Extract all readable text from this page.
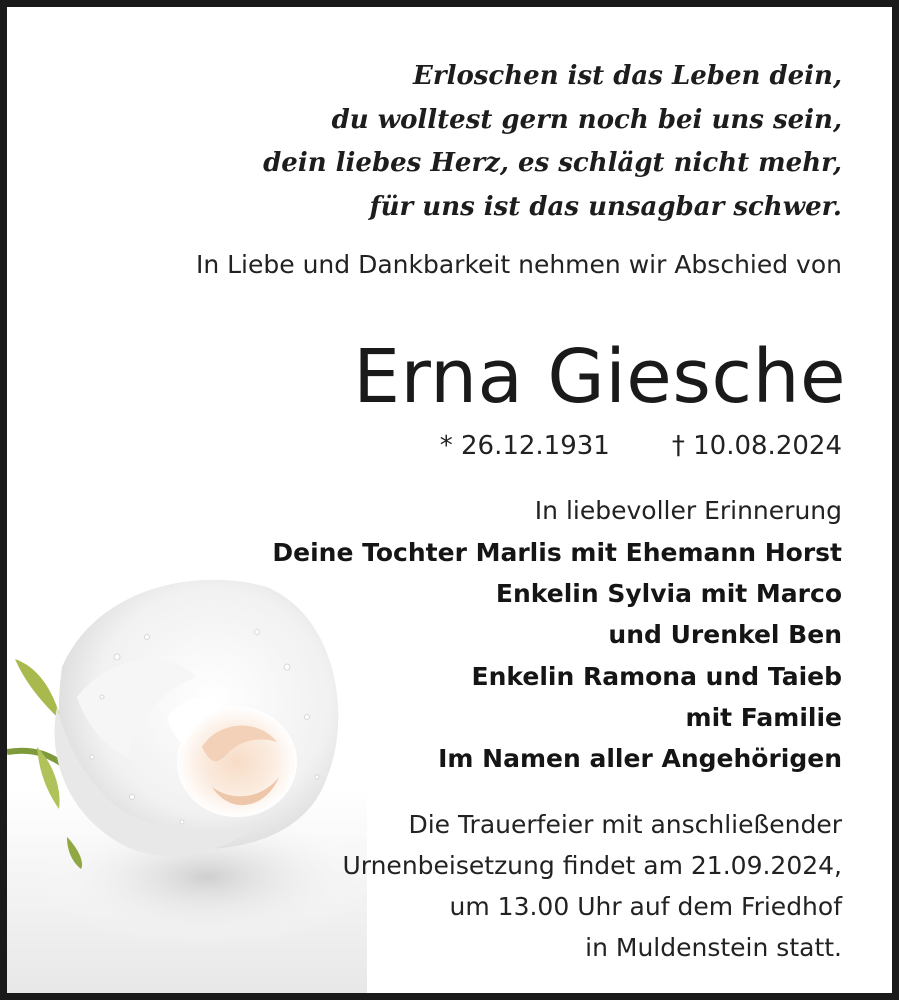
Erloschen ist das Leben dein,
du wolltest gern noch bei uns sein,
dein liebes Herz, es schlägt nicht mehr,
für uns ist das unsagbar schwer.
In Liebe und Dankbarkeit nehmen wir Abschied von
Erna Giesche
* 26.12.1931 † 10.08.2024
In liebevoller Erinnerung
Deine Tochter Marlis mit Ehemann Horst
Enkelin Sylvia mit Marco
und Urenkel Ben
Enkelin Ramona und Taieb
mit Familie
Im Namen aller Angehörigen
Die Trauerfeier mit anschließender
Urnenbeisetzung findet am 21.09.2024,
um 13.00 Uhr auf dem Friedhof
in Muldenstein statt.
